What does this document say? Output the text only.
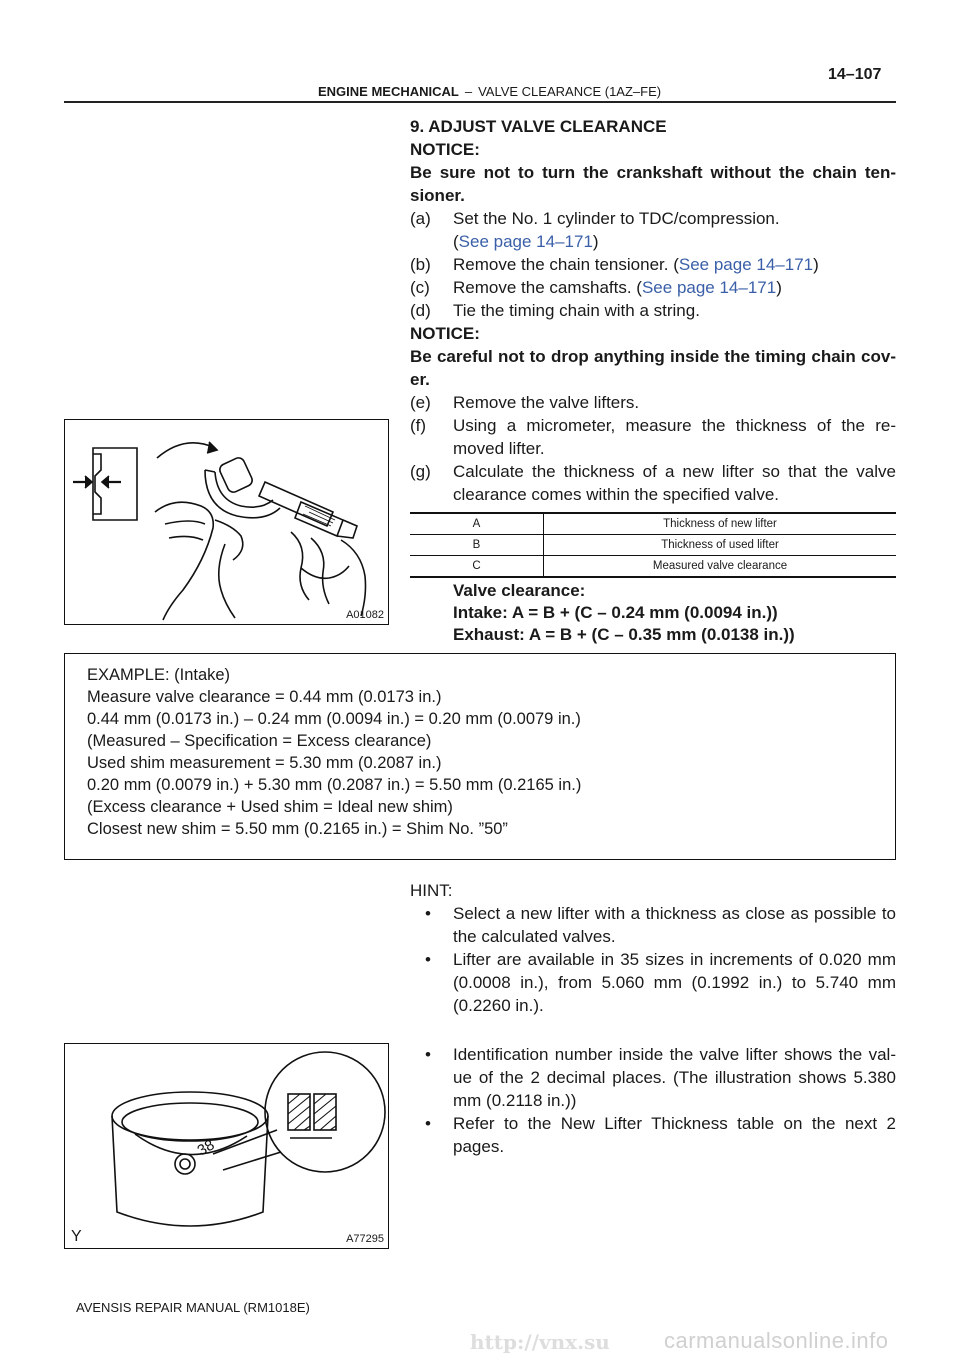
14–107
ENGINE MECHANICAL – VALVE CLEARANCE (1AZ–FE)
9. ADJUST VALVE CLEARANCE
NOTICE:
Be sure not to turn the crankshaft without the chain ten- sioner.
(a)	Set the No. 1 cylinder to TDC/compression.
(See page 14–171)
(b)	Remove the chain tensioner. (See page 14–171)
(c)	Remove the camshafts. (See page 14–171)
(d)	Tie the timing chain with a string.
NOTICE:
Be careful not to drop anything inside the timing chain cov- er.
(e)	Remove the valve lifters.
(f)	Using a micrometer, measure the thickness of the re- moved lifter.
(g)	Calculate the thickness of a new lifter so that the valve clearance comes within the specified valve.
A	Thickness of new lifter
B	Thickness of used lifter
C	Measured valve clearance
Valve clearance:
Intake: A = B + (C – 0.24 mm (0.0094 in.))
Exhaust: A = B + (C – 0.35 mm (0.0138 in.))
A01082
EXAMPLE: (Intake)
Measure valve clearance = 0.44 mm (0.0173 in.)
0.44 mm (0.0173 in.) – 0.24 mm (0.0094 in.) = 0.20 mm (0.0079 in.)
(Measured – Specification = Excess clearance)
Used shim measurement = 5.30 mm (0.2087 in.)
0.20 mm (0.0079 in.) + 5.30 mm (0.2087 in.) = 5.50 mm (0.2165 in.)
(Excess clearance + Used shim = Ideal new shim)
Closest new shim = 5.50 mm (0.2165 in.) = Shim No. ”50”
HINT:
•	Select a new lifter with a thickness as close as possible to the calculated valves.
•	Lifter are available in 35 sizes in increments of 0.020 mm (0.0008 in.), from 5.060 mm (0.1992 in.) to 5.740 mm (0.2260 in.).
•	Identification number inside the valve lifter shows the val- ue of the 2 decimal places. (The illustration shows 5.380 mm (0.2118 in.))
•	Refer to the New Lifter Thickness table on the next 2 pages.
38
Y	A77295
AVENSIS REPAIR MANUAL (RM1018E)
http://vnx.su carmanualsonline.info
